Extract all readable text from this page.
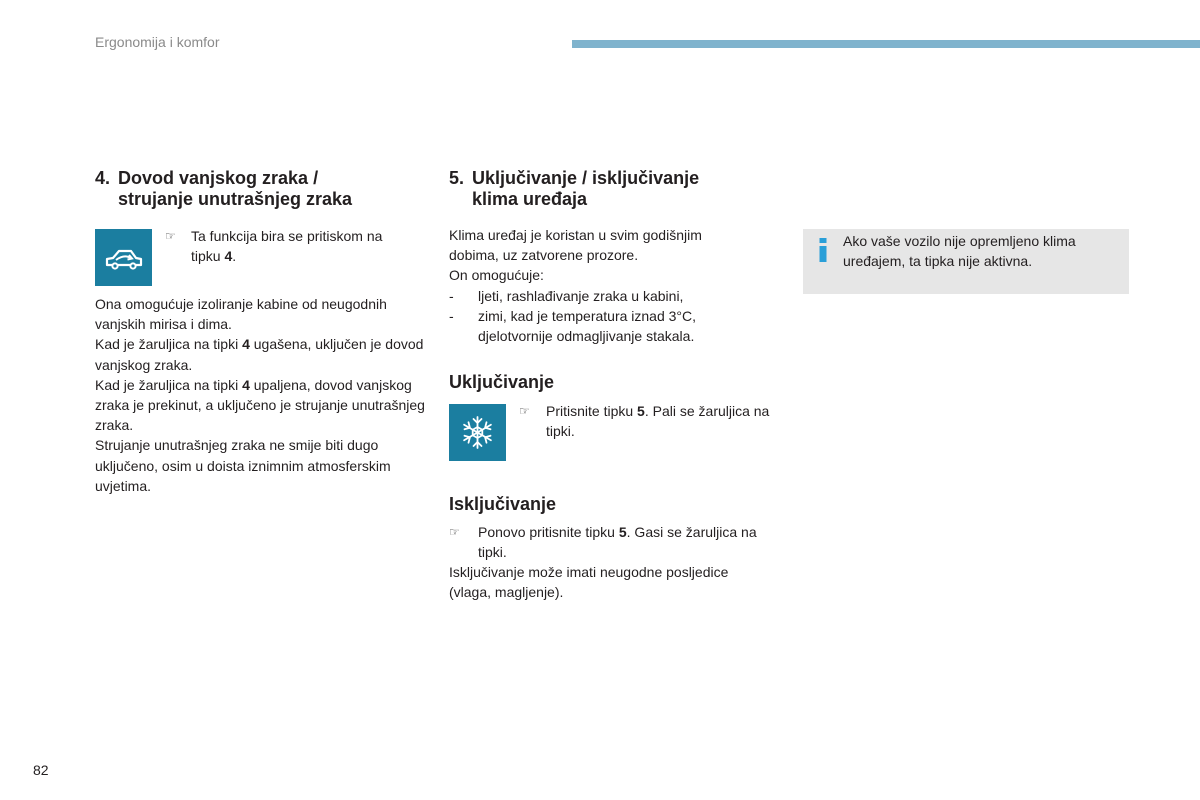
Ergonomija i komfor
4. Dovod vanjskog zraka /
strujanje unutrašnjeg zraka
☞	Ta funkcija bira se pritiskom na tipku 4.

Ona omogućuje izoliranje kabine od neugodnih vanjskih mirisa i dima.

Kad je žaruljica na tipki 4 ugašena, uključen je dovod vanjskog zraka.

Kad je žaruljica na tipki 4 upaljena, dovod vanjskog zraka je prekinut, a uključeno je strujanje unutrašnjeg zraka.

Strujanje unutrašnjeg zraka ne smije biti dugo uključeno, osim u doista iznimnim atmosferskim uvjetima.

5. Uključivanje / isključivanje
klima uređaja

Klima uređaj je koristan u svim godišnjim dobima, uz zatvorene prozore.

On omogućuje:

- ljeti, rashlađivanje zraka u kabini,
- zimi, kad je temperatura iznad 3°C, djelotvornije odmagljivanje stakala.
Uključivanje
☞	Pritisnite tipku 5. Pali se žaruljica na tipki.
Isključivanje
☞	Ponovo pritisnite tipku 5. Gasi se žaruljica na tipki.

Isključivanje može imati neugodne posljedice (vlaga, magljenje).

Ako vaše vozilo nije opremljeno klima uređajem, ta tipka nije aktivna.
82
